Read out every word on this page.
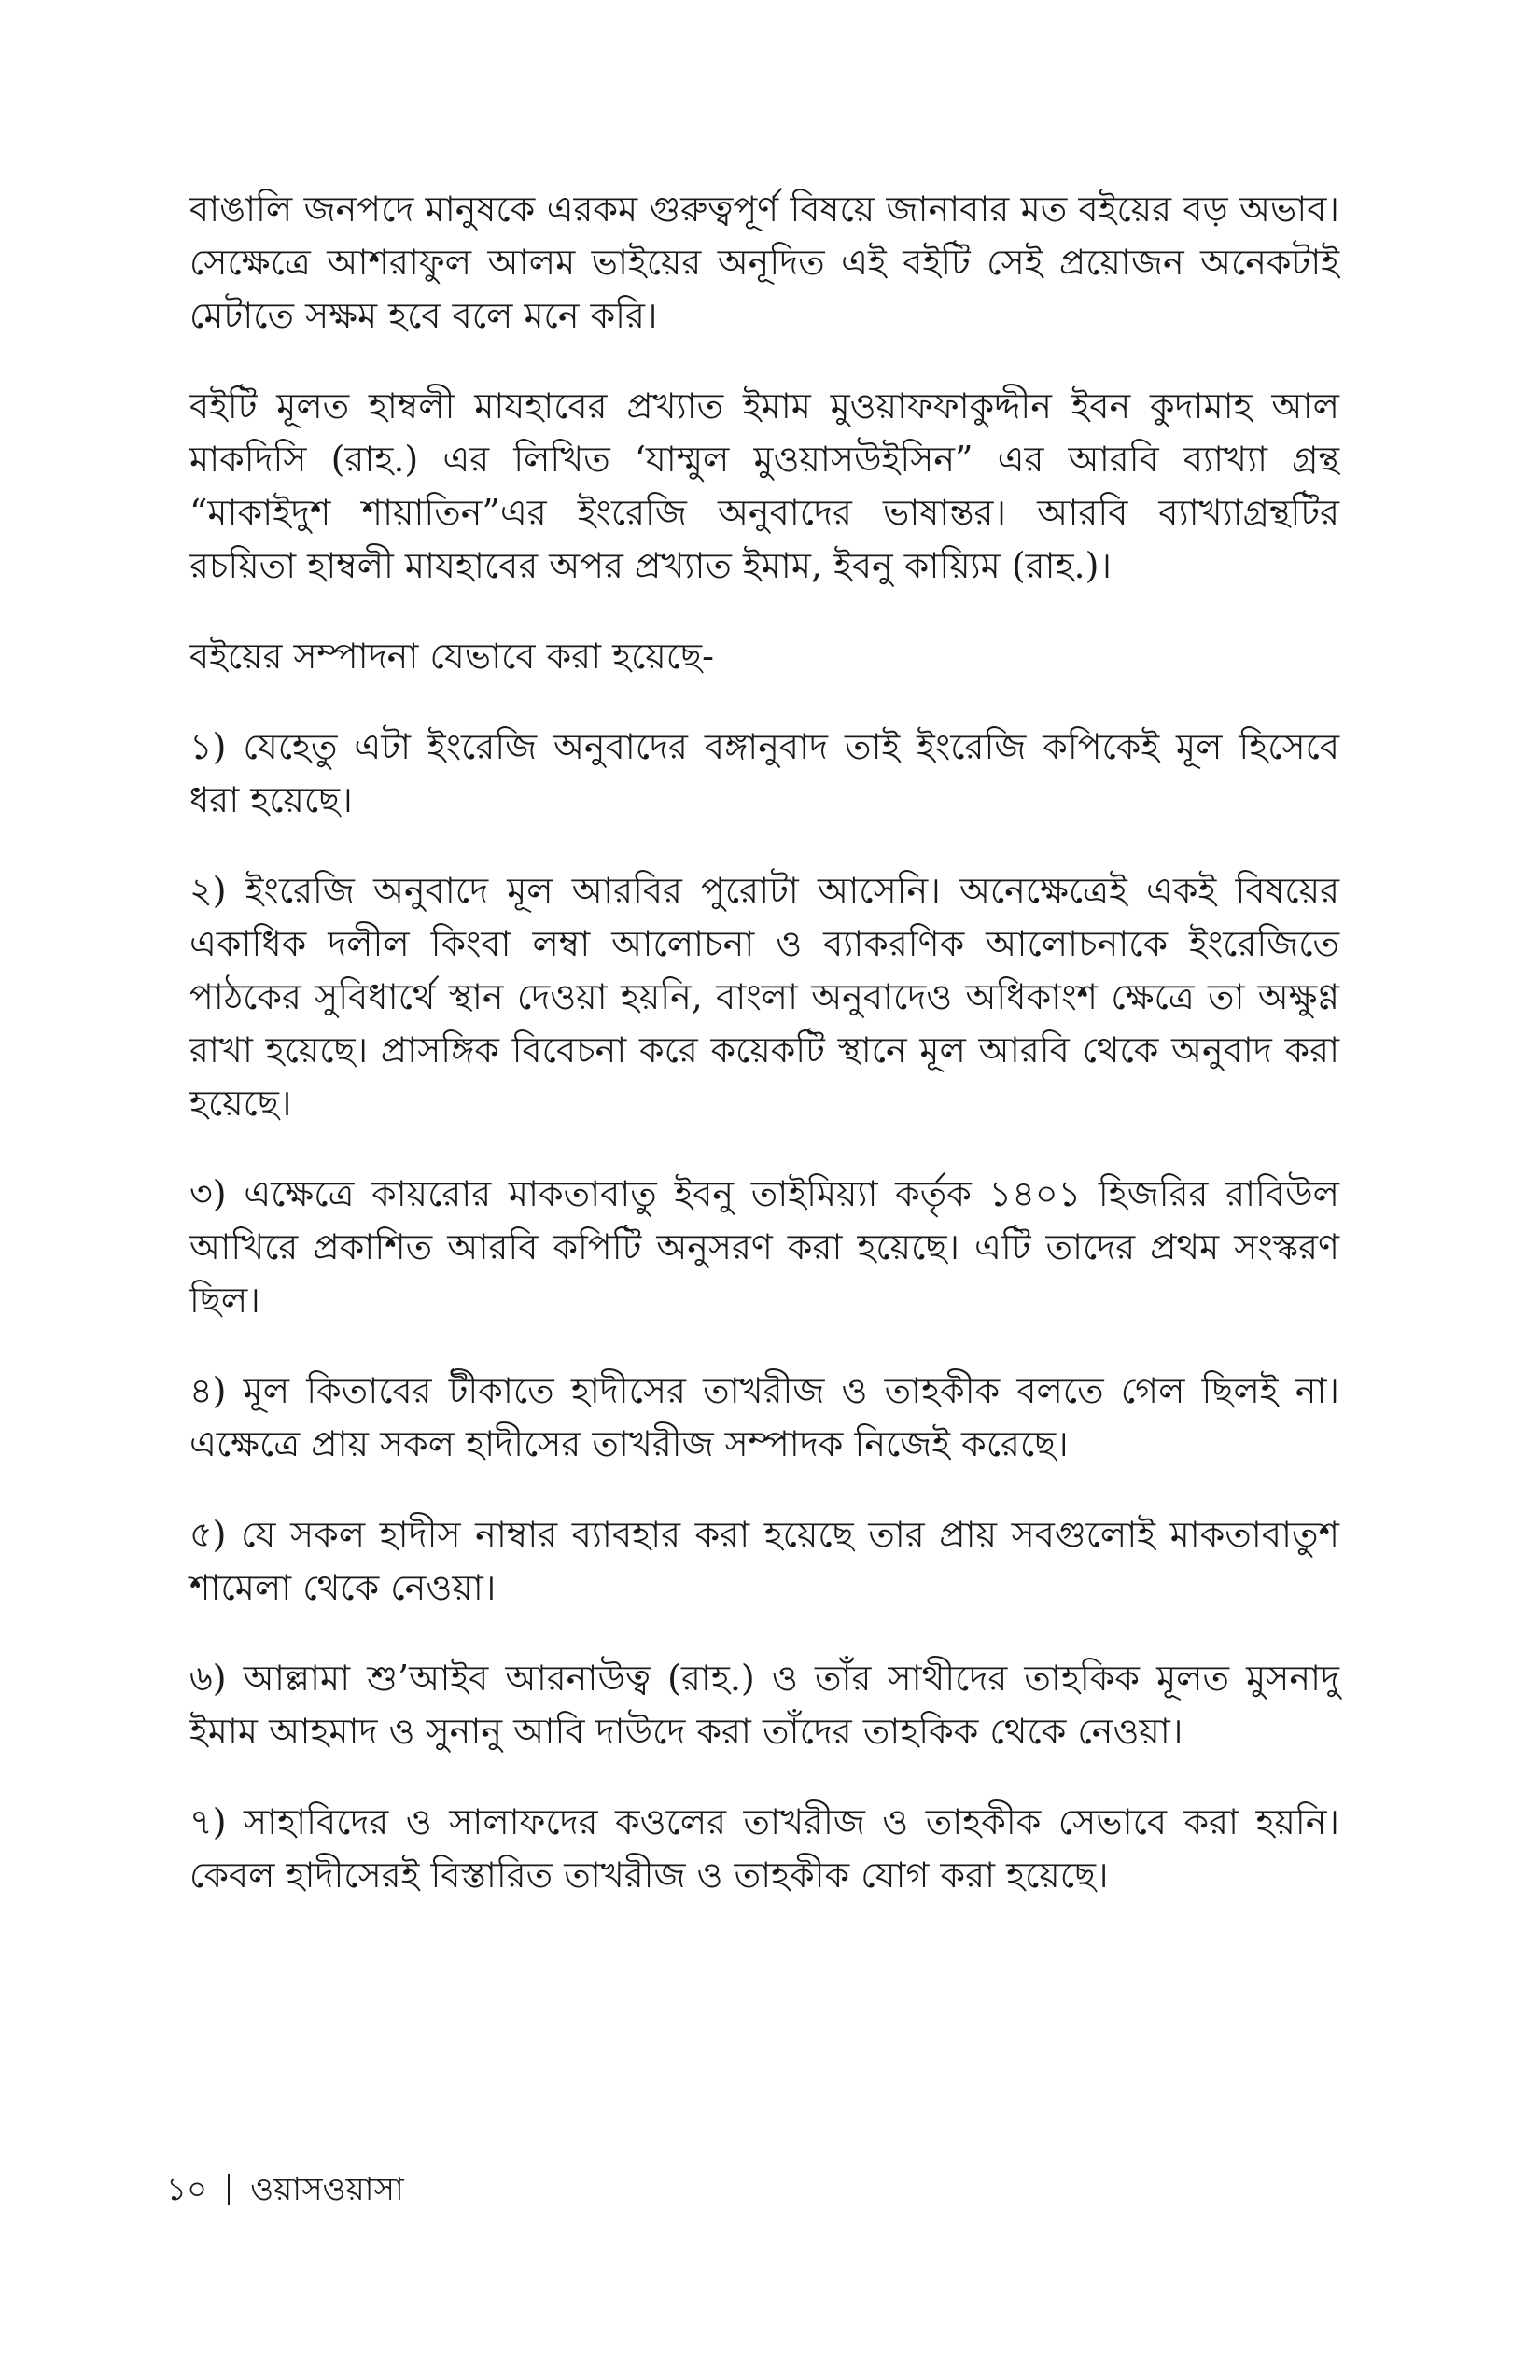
বাঙালি জনপদে মানুষকে এরকম গুরুত্বপূর্ণ বিষয়ে জানাবার মত বইয়ের বড় অভাব। সেক্ষেত্রে আশরাফুল আলম ভাইয়ের অনূদিত এই বইটি সেই প্রয়োজন অনেকটাই মেটাতে সক্ষম হবে বলে মনে করি।

বইটি মূলত হাম্বলী মাযহাবের প্রখ্যাত ইমাম মুওয়াফফাকুদ্দীন ইবন কুদামাহ আল মাকদিসি (রাহ.) এর লিখিত ‘যাম্মুল মুওয়াসউইসিন” এর আরবি ব্যাখ্যা গ্রন্থ “মাকাইদুশ শায়াতিন”এর ইংরেজি অনুবাদের ভাষান্তর। আরবি ব্যাখ্যাগ্রন্থটির রচয়িতা হাম্বলী মাযহাবের অপর প্রখ্যাত ইমাম, ইবনু কায়্যিম (রাহ.)।

বইয়ের সম্পাদনা যেভাবে করা হয়েছে-

১) যেহেতু এটা ইংরেজি অনুবাদের বঙ্গানুবাদ তাই ইংরেজি কপিকেই মূল হিসেবে ধরা হয়েছে।

২) ইংরেজি অনুবাদে মূল আরবির পুরোটা আসেনি। অনেক্ষেত্রেই একই বিষয়ের একাধিক দলীল কিংবা লম্বা আলোচনা ও ব্যাকরণিক আলোচনাকে ইংরেজিতে পাঠকের সুবিধার্থে স্থান দেওয়া হয়নি, বাংলা অনুবাদেও অধিকাংশ ক্ষেত্রে তা অক্ষুণ্ণ রাখা হয়েছে। প্রাসঙ্গিক বিবেচনা করে কয়েকটি স্থানে মূল আরবি থেকে অনুবাদ করা হয়েছে।

৩) এক্ষেত্রে কায়রোর মাকতাবাতু ইবনু তাইমিয়্যা কর্তৃক ১৪০১ হিজরির রাবিউল আখিরে প্রকাশিত আরবি কপিটি অনুসরণ করা হয়েছে। এটি তাদের প্রথম সংস্করণ ছিল।

৪) মূল কিতাবের টীকাতে হাদীসের তাখরীজ ও তাহকীক বলতে গেল ছিলই না। এক্ষেত্রে প্রায় সকল হাদীসের তাখরীজ সম্পাদক নিজেই করেছে।

৫) যে সকল হাদীস নাম্বার ব্যাবহার করা হয়েছে তার প্রায় সবগুলোই মাকতাবাতুশ শামেলা থেকে নেওয়া।

৬) আল্লামা শু’আইব আরনাউত্ব (রাহ.) ও তাঁর সাথীদের তাহকিক মূলত মুসনাদু ইমাম আহমাদ ও সুনানু আবি দাউদে করা তাঁদের তাহকিক থেকে নেওয়া।

৭) সাহাবিদের ও সালাফদের কওলের তাখরীজ ও তাহকীক সেভাবে করা হয়নি। কেবল হাদীসেরই বিস্তারিত তাখরীজ ও তাহকীক যোগ করা হয়েছে।

১০ ওয়াসওয়াসা
